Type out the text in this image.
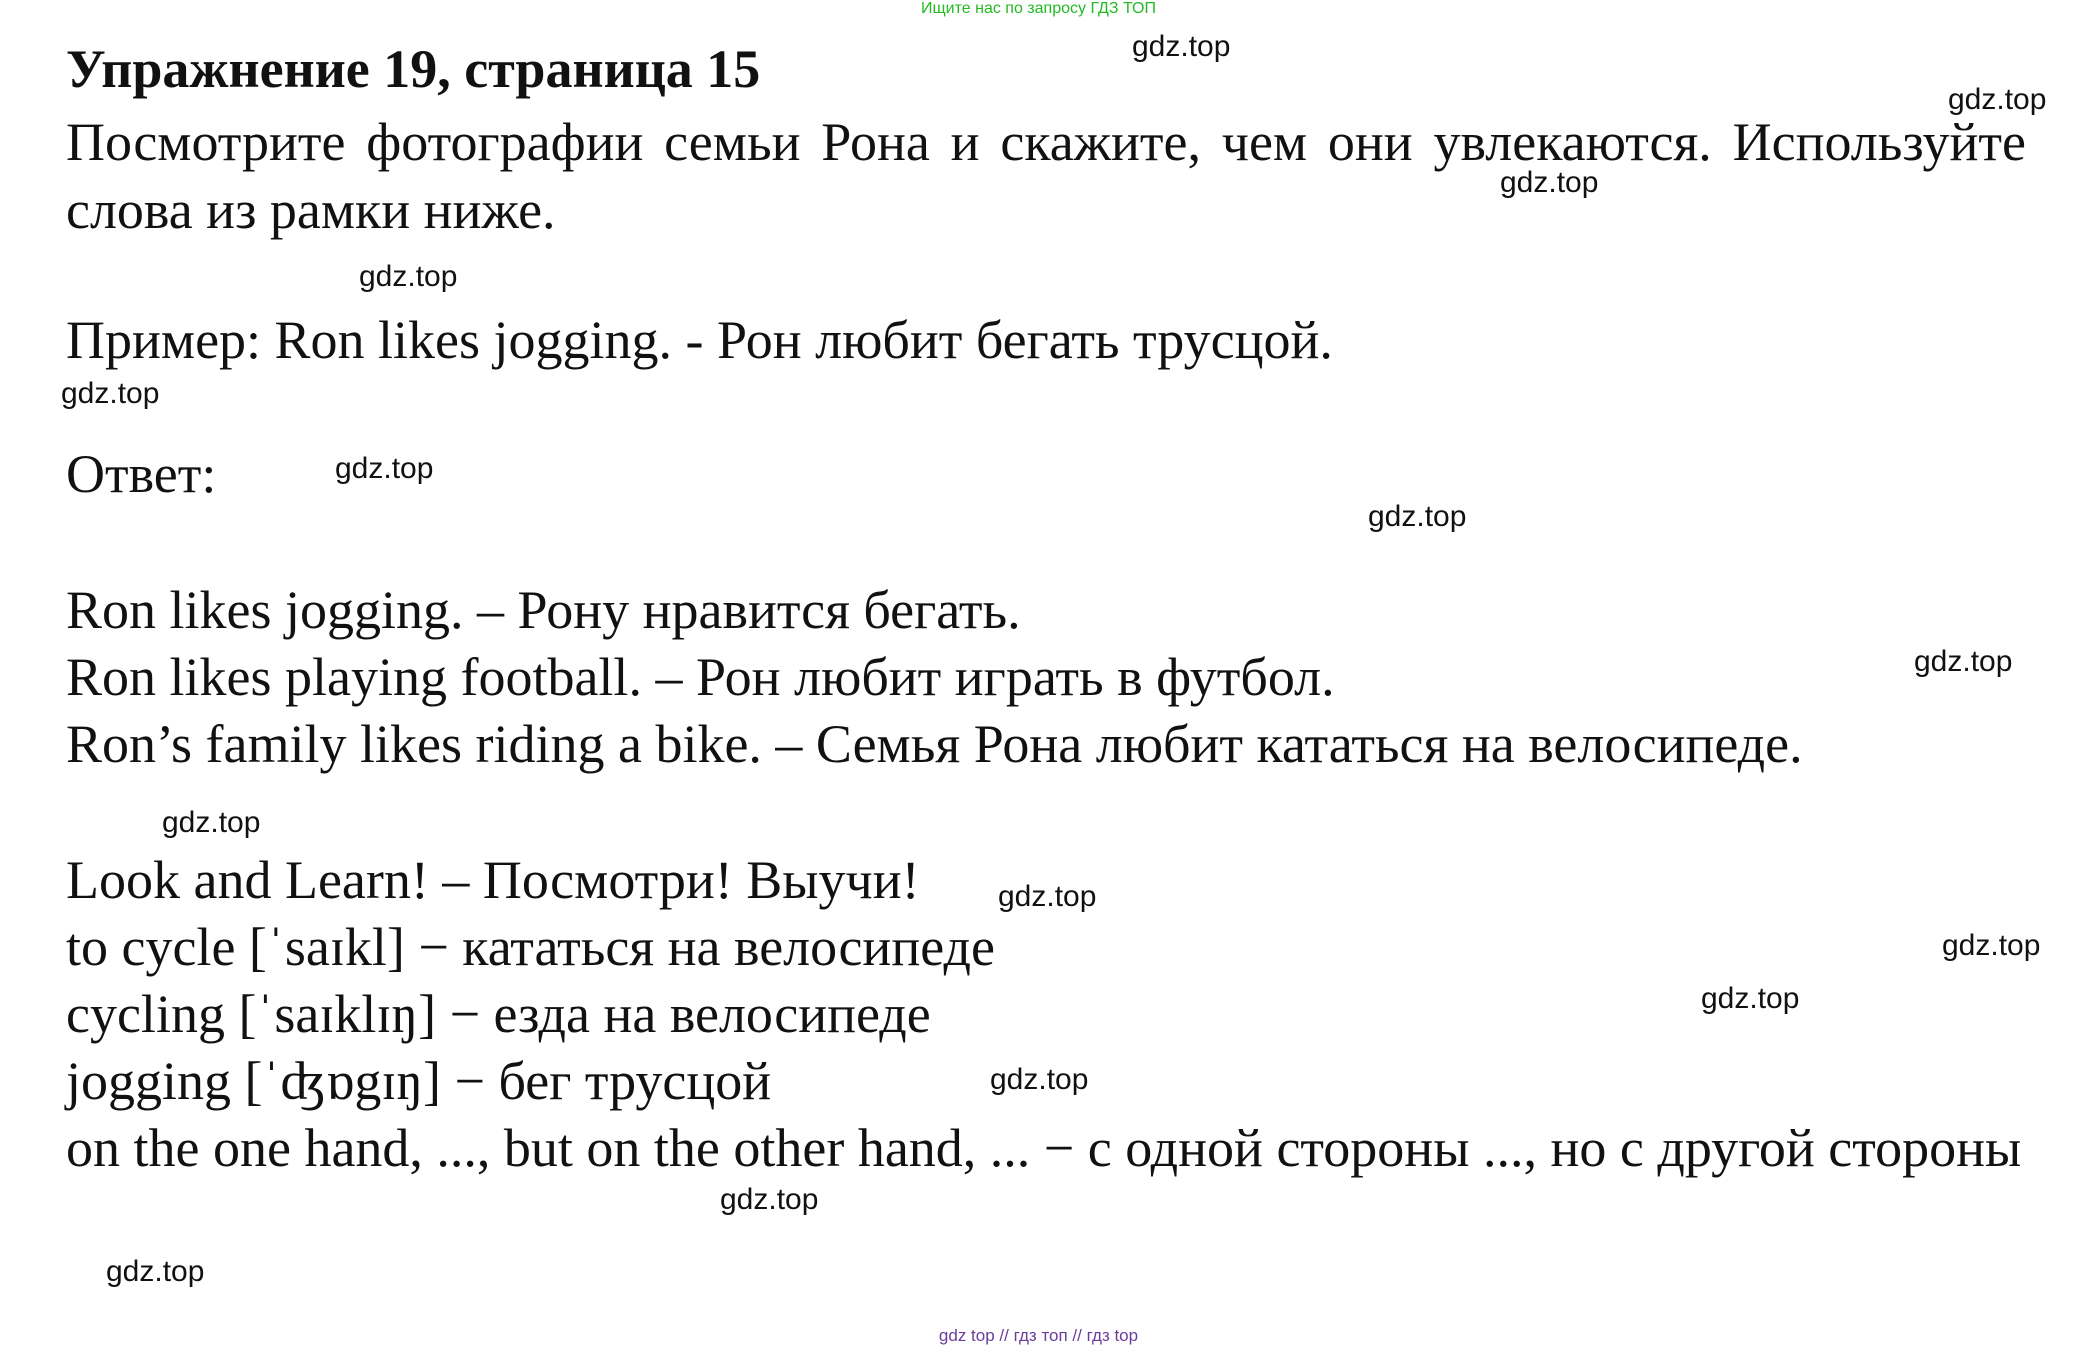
Ищите нас по запросу ГДЗ ТОП
Упражнение 19, страница 15
Посмотрите фотографии семьи Рона и скажите, чем они увлекаются. Используйте слова из рамки ниже.
Пример: Ron likes jogging. - Рон любит бегать трусцой.
Ответ:
Ron likes jogging. – Рону нравится бегать.
Ron likes playing football. – Рон любит играть в футбол.
Ron’s family likes riding a bike. – Семья Рона любит кататься на велосипеде.
Look and Learn! – Посмотри! Выучи!
to cycle [ˈsaɪkl] − кататься на велосипеде
cycling [ˈsaɪklɪŋ] − езда на велосипеде
jogging [ˈʤɒgɪŋ] − бег трусцой
on the one hand, ..., but on the other hand, ... − с одной стороны ..., но с другой стороны
gdz.top
gdz.top
gdz.top
gdz.top
gdz.top
gdz.top
gdz.top
gdz.top
gdz.top
gdz.top
gdz.top
gdz.top
gdz.top
gdz.top
gdz.top
gdz top // гдз топ // гдз top
